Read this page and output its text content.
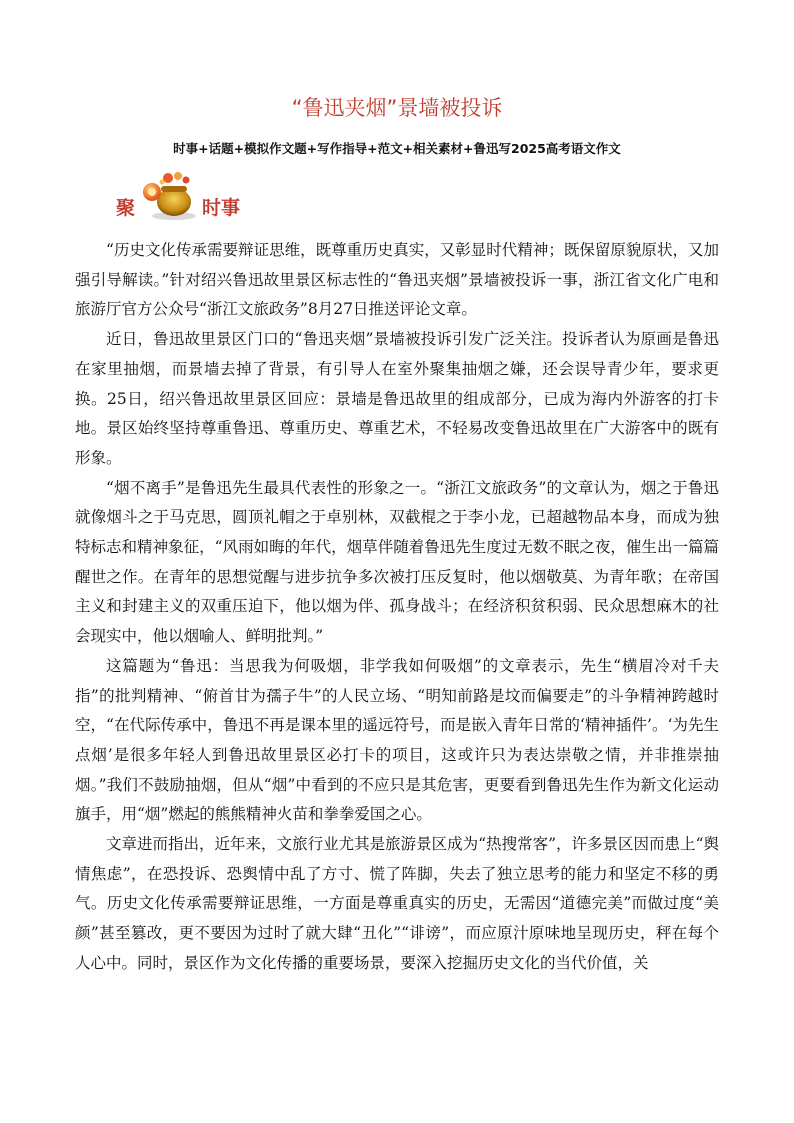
“鲁迅夹烟”景墙被投诉
时事+话题+模拟作文题+写作指导+范文+相关素材+鲁迅写2025高考语文作文
聚	时事

“历史文化传承需要辩证思维，既尊重历史真实，又彰显时代精神；既保留原貌原状，又加强引导解读。”针对绍兴鲁迅故里景区标志性的“鲁迅夹烟”景墙被投诉一事，浙江省文化广电和旅游厅官方公众号“浙江文旅政务”8月27日推送评论文章。

近日，鲁迅故里景区门口的“鲁迅夹烟”景墙被投诉引发广泛关注。投诉者认为原画是鲁迅在家里抽烟，而景墙去掉了背景，有引导人在室外聚集抽烟之嫌，还会误导青少年，要求更换。25日，绍兴鲁迅故里景区回应：景墙是鲁迅故里的组成部分，已成为海内外游客的打卡地。景区始终坚持尊重鲁迅、尊重历史、尊重艺术，不轻易改变鲁迅故里在广大游客中的既有形象。

“烟不离手”是鲁迅先生最具代表性的形象之一。“浙江文旅政务”的文章认为，烟之于鲁迅就像烟斗之于马克思，圆顶礼帽之于卓别林，双截棍之于李小龙，已超越物品本身，而成为独特标志和精神象征，“风雨如晦的年代，烟草伴随着鲁迅先生度过无数不眠之夜，催生出一篇篇醒世之作。在青年的思想觉醒与进步抗争多次被打压反复时，他以烟敬莫、为青年歌；在帝国主义和封建主义的双重压迫下，他以烟为伴、孤身战斗；在经济积贫积弱、民众思想麻木的社会现实中，他以烟喻人、鲜明批判。”

这篇题为“鲁迅：当思我为何吸烟，非学我如何吸烟”的文章表示，先生“横眉冷对千夫指”的批判精神、“俯首甘为孺子牛”的人民立场、“明知前路是坟而偏要走”的斗争精神跨越时空，“在代际传承中，鲁迅不再是课本里的遥远符号，而是嵌入青年日常的‘精神插件’。‘为先生点烟’是很多年轻人到鲁迅故里景区必打卡的项目，这或许只为表达崇敬之情，并非推崇抽烟。”我们不鼓励抽烟，但从“烟”中看到的不应只是其危害，更要看到鲁迅先生作为新文化运动旗手，用“烟”燃起的熊熊精神火苗和拳拳爱国之心。

文章进而指出，近年来，文旅行业尤其是旅游景区成为“热搜常客”，许多景区因而患上“舆情焦虑”，在恐投诉、恐舆情中乱了方寸、慌了阵脚，失去了独立思考的能力和坚定不移的勇气。历史文化传承需要辩证思维，一方面是尊重真实的历史，无需因“道德完美”而做过度“美颜”甚至篡改，更不要因为过时了就大肆“丑化”“诽谤”，而应原汁原味地呈现历史，秤在每个人心中。同时，景区作为文化传播的重要场景，要深入挖掘历史文化的当代价值，关
